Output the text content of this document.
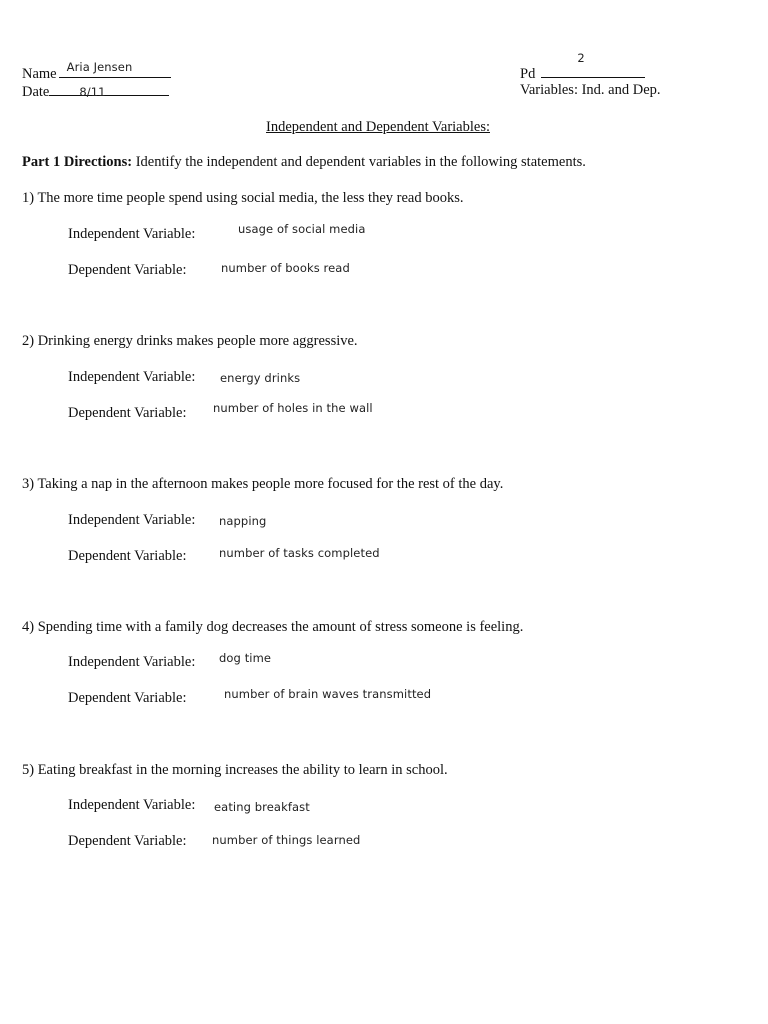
Name Aria Jensen
Date	8/11
Pd
2
Variables: Ind. and Dep.
Independent and Dependent Variables:
Part 1 Directions: Identify the independent and dependent variables in the following statements.
1) The more time people spend using social media, the less they read books.
Independent Variable:	usage of social media
Dependent Variable:	number of books read
2) Drinking energy drinks makes people more aggressive.
Independent Variable: energy drinks
Dependent Variable: number of holes in the wall
3) Taking a nap in the afternoon makes people more focused for the rest of the day.
Independent Variable: napping
Dependent Variable:	number of tasks completed
4) Spending time with a family dog decreases the amount of stress someone is feeling.
Independent Variable: dog time
Dependent Variable:	number of brain waves transmitted
5) Eating breakfast in the morning increases the ability to learn in school.
Independent Variable: eating breakfast
Dependent Variable: number of things learned
